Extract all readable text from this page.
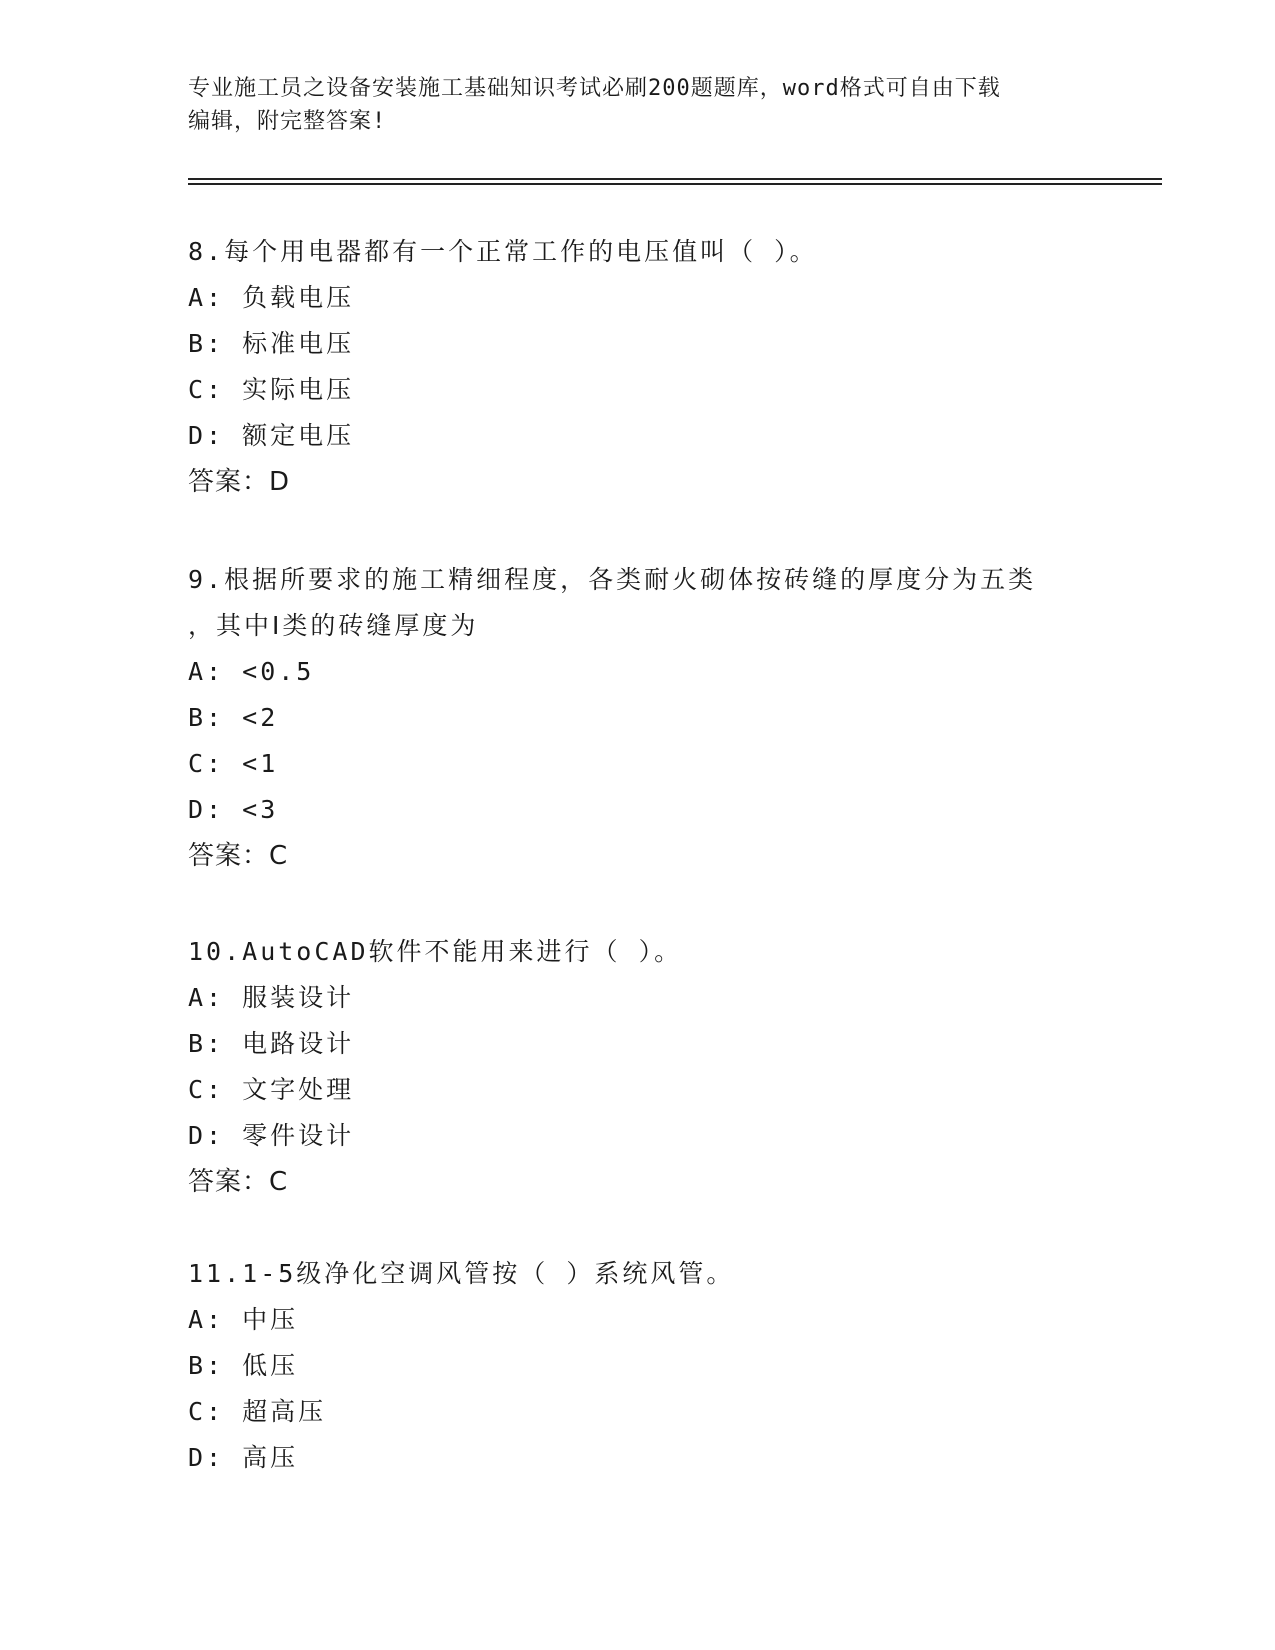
专业施工员之设备安装施工基础知识考试必刷200题题库，word格式可自由下载
编辑，附完整答案!
8.每个用电器都有一个正常工作的电压值叫（ ）。
A: 负载电压
B: 标准电压
C: 实际电压
D: 额定电压
答案：D
9.根据所要求的施工精细程度，各类耐火砌体按砖缝的厚度分为五类
，其中Ⅰ类的砖缝厚度为
A: <0.5
B: <2
C: <1
D: <3
答案：C
10.AutoCAD软件不能用来进行（ ）。
A: 服装设计
B: 电路设计
C: 文字处理
D: 零件设计
答案：C
11.1-5级净化空调风管按（ ）系统风管。
A: 中压
B: 低压
C: 超高压
D: 高压
